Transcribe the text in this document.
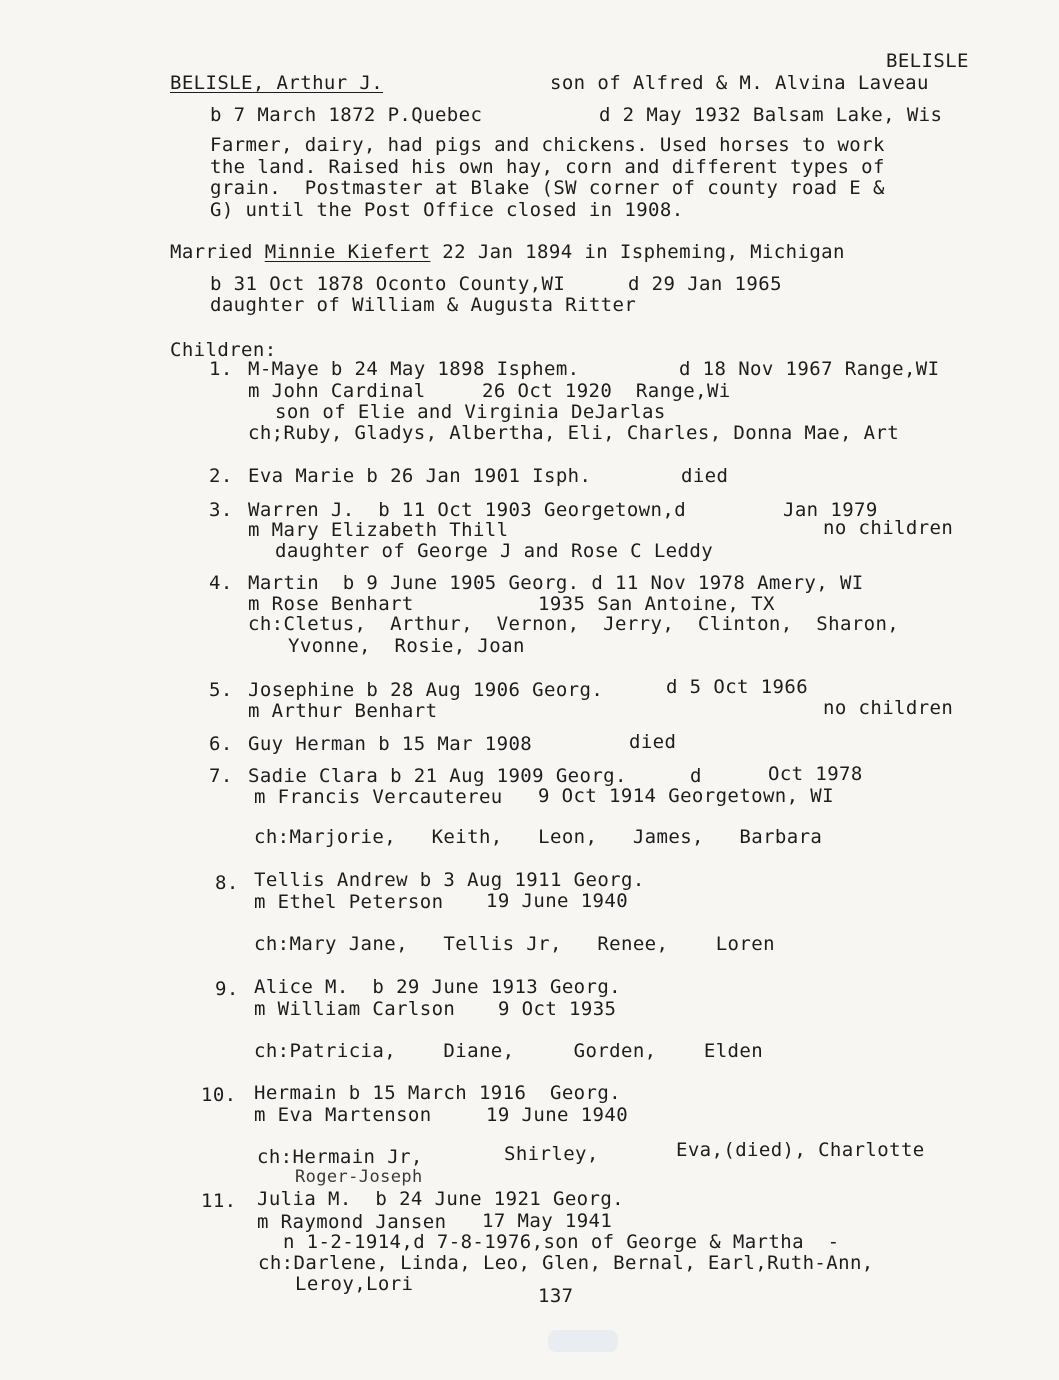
BELISLE
BELISLE, Arthur J.	son of Alfred & M. Alvina Laveau
b 7 March 1872 P.Quebec	d 2 May 1932 Balsam Lake, Wis
Farmer, dairy, had pigs and chickens. Used horses to work
the land. Raised his own hay, corn and different types of
grain.  Postmaster at Blake (SW corner of county road E &
G) until the Post Office closed in 1908.
Married Minnie Kiefert 22 Jan 1894 in Ispheming, Michigan
b 31 Oct 1878 Oconto County,WI	d 29 Jan 1965
daughter of William & Augusta Ritter
Children:
1. M-Maye b 24 May 1898 Isphem.	d 18 Nov 1967 Range,WI
m John Cardinal	26 Oct 1920  Range,Wi
son of Elie and Virginia DeJarlas
ch;Ruby, Gladys, Albertha, Eli, Charles, Donna Mae, Art
2. Eva Marie b 26 Jan 1901 Isph.	died
3. Warren J.  b 11 Oct 1903 Georgetown,d	Jan 1979
m Mary Elizabeth Thill	no children
daughter of George J and Rose C Leddy
4. Martin  b 9 June 1905 Georg. d 11 Nov 1978 Amery, WI
m Rose Benhart	1935 San Antoine, TX
ch:Cletus,  Arthur,  Vernon,  Jerry,  Clinton,  Sharon,
Yvonne,  Rosie, Joan
5. Josephine b 28 Aug 1906 Georg.	d 5 Oct 1966
m Arthur Benhart	no children
6. Guy Herman b 15 Mar 1908	died
7. Sadie Clara b 21 Aug 1909 Georg.	d	Oct 1978
m Francis Vercautereu 9 Oct 1914 Georgetown, WI
ch:Marjorie,   Keith,   Leon,   James,   Barbara
8. Tellis Andrew b 3 Aug 1911 Georg.
m Ethel Peterson 19 June 1940
ch:Mary Jane,   Tellis Jr,   Renee,    Loren
9. Alice M.  b 29 June 1913 Georg.
m William Carlson 9 Oct 1935
ch:Patricia,    Diane,     Gorden,    Elden
10. Hermain b 15 March 1916  Georg.
m Eva Martenson	19 June 1940
ch:Hermain Jr,	Shirley,	Eva,(died), Charlotte
Roger-Joseph
11. Julia M.  b 24 June 1921 Georg.
m Raymond Jansen 17 May 1941
n 1-2-1914,d 7-8-1976,son of George & Martha  -
ch:Darlene, Linda, Leo, Glen, Bernal, Earl,Ruth-Ann,
Leroy,Lori
137
